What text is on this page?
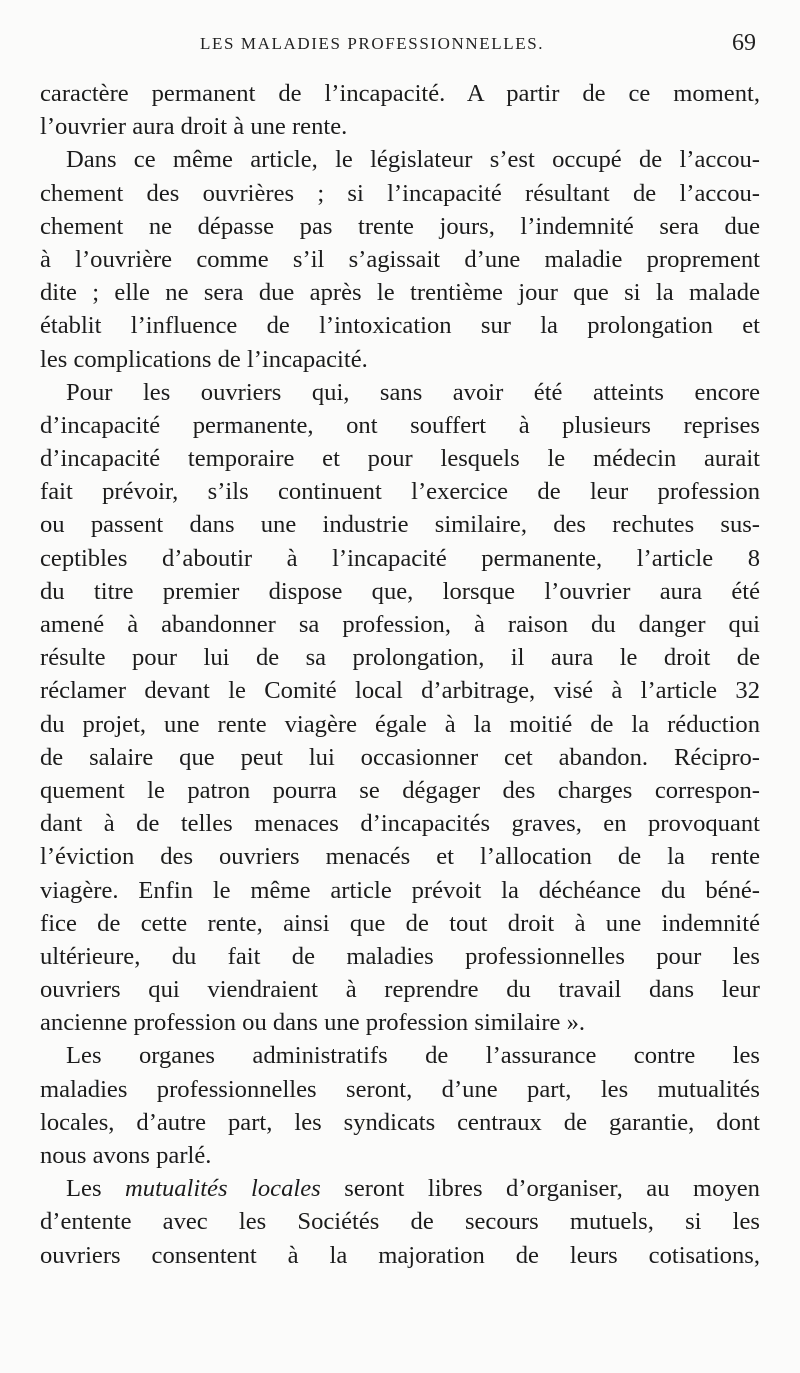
LES MALADIES PROFESSIONNELLES.	69
caractère permanent de l’incapacité. A partir de ce moment,
l’ouvrier aura droit à une rente.
Dans ce même article, le législateur s’est occupé de l’accou-
chement des ouvrières ; si l’incapacité résultant de l’accou-
chement ne dépasse pas trente jours, l’indemnité sera due
à l’ouvrière comme s’il s’agissait d’une maladie proprement
dite ; elle ne sera due après le trentième jour que si la malade
établit l’influence de l’intoxication sur la prolongation et
les complications de l’incapacité.
Pour les ouvriers qui, sans avoir été atteints encore
d’incapacité permanente, ont souffert à plusieurs reprises
d’incapacité temporaire et pour lesquels le médecin aurait
fait prévoir, s’ils continuent l’exercice de leur profession
ou passent dans une industrie similaire, des rechutes sus-
ceptibles d’aboutir à l’incapacité permanente, l’article 8
du titre premier dispose que, lorsque l’ouvrier aura été
amené à abandonner sa profession, à raison du danger qui
résulte pour lui de sa prolongation, il aura le droit de
réclamer devant le Comité local d’arbitrage, visé à l’article 32
du projet, une rente viagère égale à la moitié de la réduction
de salaire que peut lui occasionner cet abandon. Récipro-
quement le patron pourra se dégager des charges correspon-
dant à de telles menaces d’incapacités graves, en provoquant
l’éviction des ouvriers menacés et l’allocation de la rente
viagère. Enfin le même article prévoit la déchéance du béné-
fice de cette rente, ainsi que de tout droit à une indemnité
ultérieure, du fait de maladies professionnelles pour les
ouvriers qui viendraient à reprendre du travail dans leur
ancienne profession ou dans une profession similaire ».
Les organes administratifs de l’assurance contre les
maladies professionnelles seront, d’une part, les mutualités
locales, d’autre part, les syndicats centraux de garantie, dont
nous avons parlé.
Les mutualités locales seront libres d’organiser, au moyen
d’entente avec les Sociétés de secours mutuels, si les
ouvriers consentent à la majoration de leurs cotisations,
